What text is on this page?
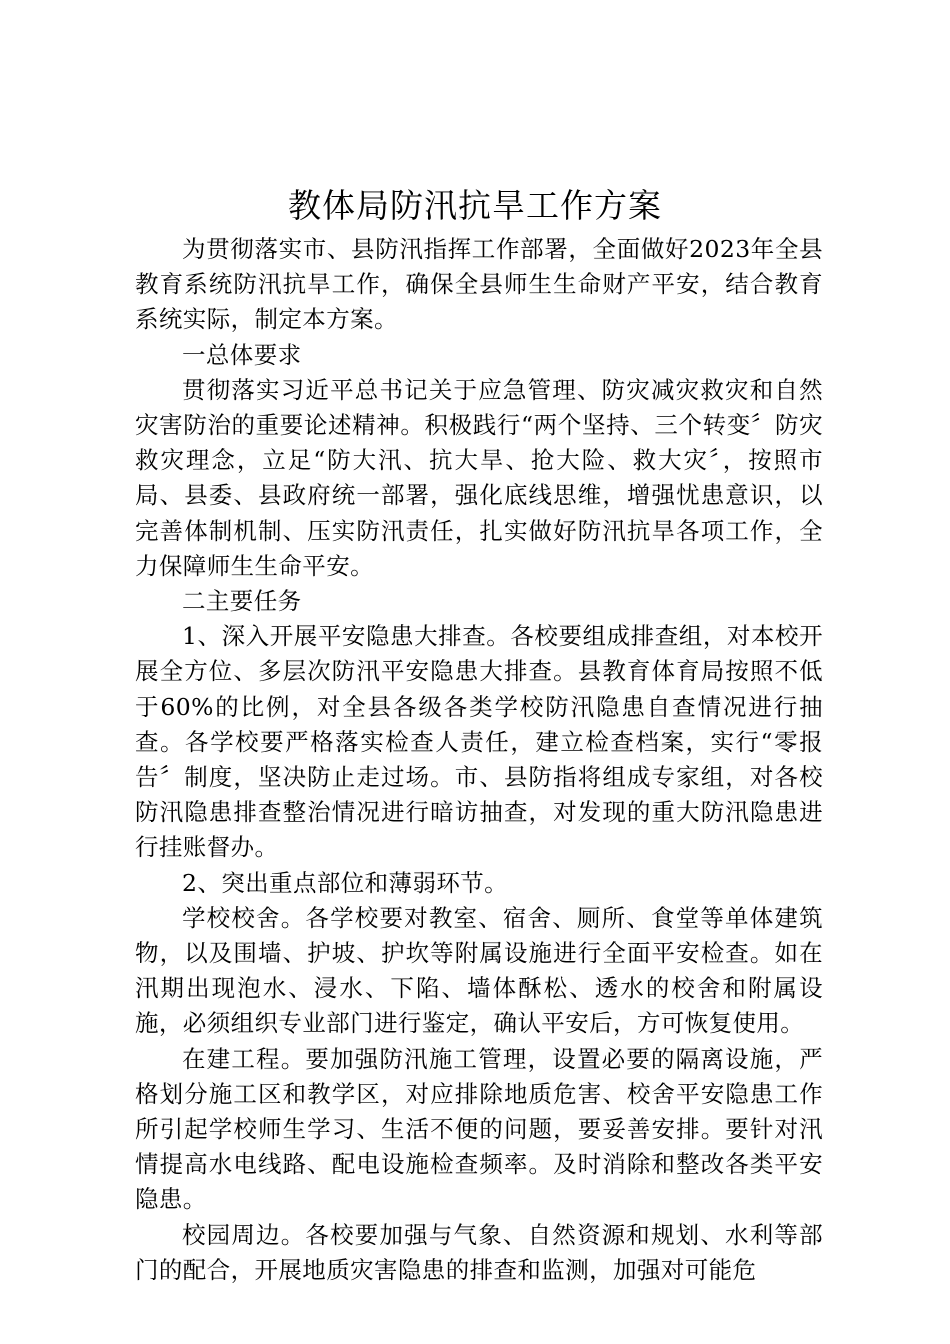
教体局防汛抗旱工作方案

为贯彻落实市、县防汛指挥工作部署，全面做好2023年全县教育系统防汛抗旱工作，确保全县师生生命财产平安，结合教育系统实际，制定本方案。

一总体要求

贯彻落实习近平总书记关于应急管理、防灾减灾救灾和自然灾害防治的重要论述精神。积极践行“两个坚持、三个转变〞防灾救灾理念，立足“防大汛、抗大旱、抢大险、救大灾〞，按照市局、县委、县政府统一部署，强化底线思维，增强忧患意识，以完善体制机制、压实防汛责任，扎实做好防汛抗旱各项工作，全力保障师生生命平安。

二主要任务

1、深入开展平安隐患大排查。各校要组成排查组，对本校开展全方位、多层次防汛平安隐患大排查。县教育体育局按照不低于60%的比例，对全县各级各类学校防汛隐患自查情况进行抽查。各学校要严格落实检查人责任，建立检查档案，实行“零报告〞制度，坚决防止走过场。市、县防指将组成专家组，对各校防汛隐患排查整治情况进行暗访抽查，对发现的重大防汛隐患进行挂账督办。

2、突出重点部位和薄弱环节。

学校校舍。各学校要对教室、宿舍、厕所、食堂等单体建筑物，以及围墙、护坡、护坎等附属设施进行全面平安检查。如在汛期出现泡水、浸水、下陷、墙体酥松、透水的校舍和附属设施，必须组织专业部门进行鉴定，确认平安后，方可恢复使用。

在建工程。要加强防汛施工管理，设置必要的隔离设施，严格划分施工区和教学区，对应排除地质危害、校舍平安隐患工作所引起学校师生学习、生活不便的问题，要妥善安排。要针对汛情提高水电线路、配电设施检查频率。及时消除和整改各类平安隐患。

校园周边。各校要加强与气象、自然资源和规划、水利等部门的配合，开展地质灾害隐患的排查和监测，加强对可能危
